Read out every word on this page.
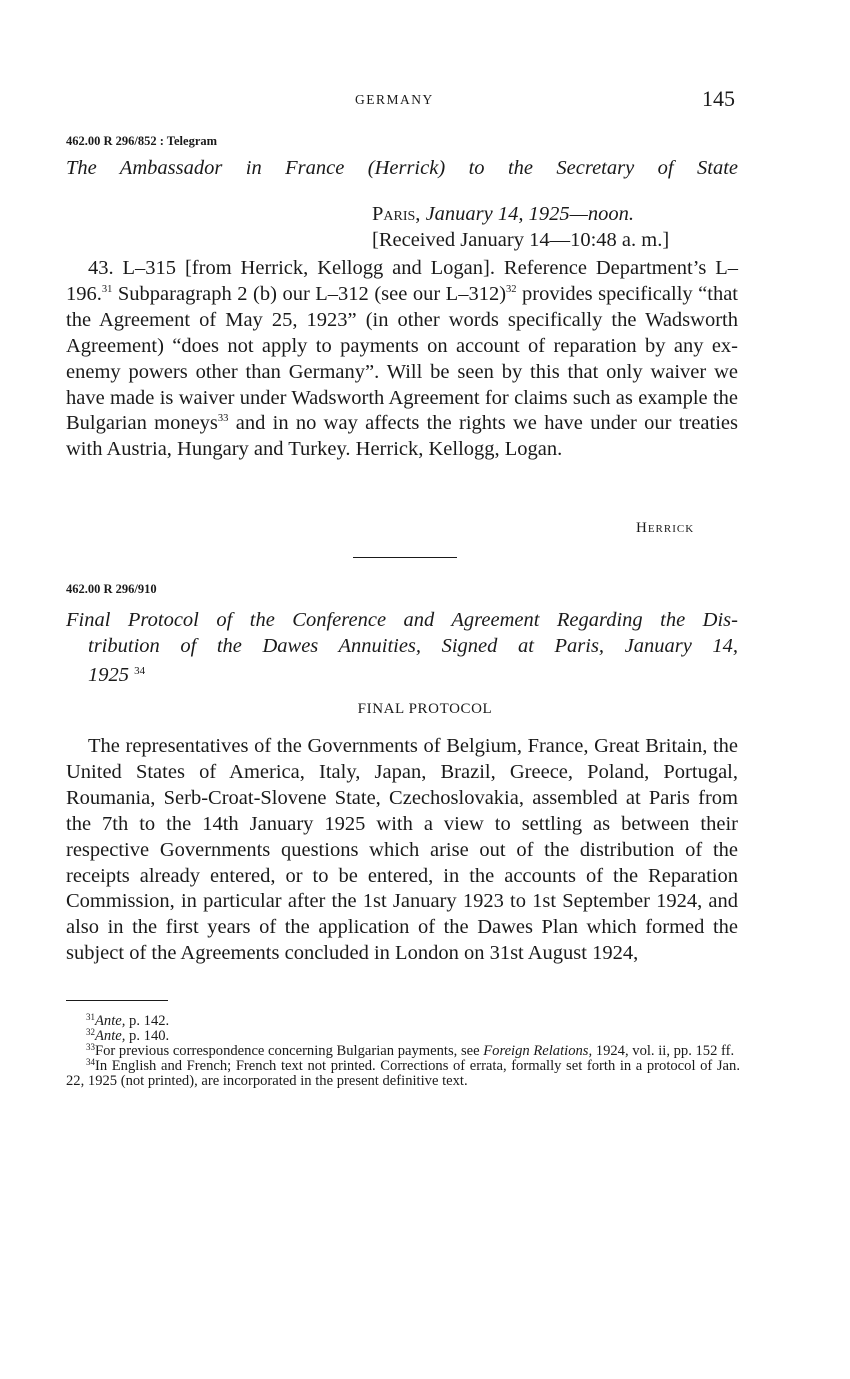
GERMANY	145
462.00 R 296/852 : Telegram
The Ambassador in France (Herrick) to the Secretary of State
Paris, January 14, 1925—noon.
[Received January 14—10:48 a. m.]

43. L–315 [from Herrick, Kellogg and Logan]. Reference Department’s L–196.31 Subparagraph 2 (b) our L–312 (see our L–312)$^{32}$ provides specifically “that the Agreement of May 25, 1923” (in other words specifically the Wadsworth Agreement) “does not apply to payments on account of reparation by any ex-enemy powers other than Germany”. Will be seen by this that only waiver we have made is waiver under Wadsworth Agreement for claims such as example the Bulgarian moneys$^{33}$ and in no way affects the rights we have under our treaties with Austria, Hungary and Turkey. Herrick, Kellogg, Logan.

Herrick
462.00 R 296/910
Final Protocol of the Conference and Agreement Regarding the Dis-
tribution of the Dawes Annuities, Signed at Paris, January 14,
1925 $^{34}$
FINAL PROTOCOL

The representatives of the Governments of Belgium, France, Great Britain, the United States of America, Italy, Japan, Brazil, Greece, Poland, Portugal, Roumania, Serb-Croat-Slovene State, Czechoslovakia, assembled at Paris from the 7th to the 14th January 1925 with a view to settling as between their respective Governments questions which arise out of the distribution of the receipts already entered, or to be entered, in the accounts of the Reparation Commission, in particular after the 1st January 1923 to 1st September 1924, and also in the first years of the application of the Dawes Plan which formed the subject of the Agreements concluded in London on 31st August 1924,

$^{31}$Ante, p. 142.
$^{32}$Ante, p. 140.
$^{33}$For previous correspondence concerning Bulgarian payments, see Foreign Relations, 1924, vol. ii, pp. 152 ff.
$^{34}$In English and French; French text not printed. Corrections of errata, formally set forth in a protocol of Jan. 22, 1925 (not printed), are incorporated in the present definitive text.
